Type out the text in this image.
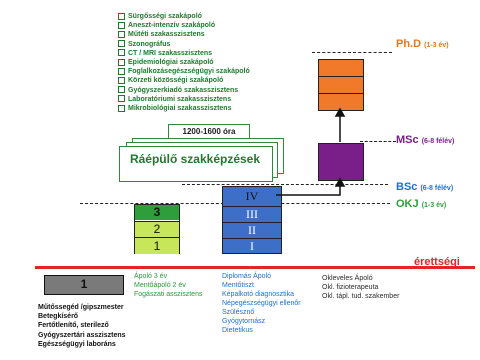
Sürgősségi szakápoló
Aneszt-intenzív szakápoló
Műtéti szakasszisztens
Szonográfus
CT / MRI szakasszisztens
Epidemiológiai szakápoló
Foglalkozásegészségügyi szakápoló
Körzeti közösségi szakápoló
Gyógyszerkiadó szakasszisztens
Laboratóriumi szakasszisztens
Mikrobiológiai szakasszisztens
1200-1600 óra
Ráépülő szakképzések
IV
III
II
I
3
2
1
Ph.D (1-3 év)
MSc (6-8 félév)
BSc (6-8 félév)
OKJ (1-3 év)
érettségi
Ápoló 3 év
Mentőápoló 2 év
Fogászati asszisztens
Diplomás Ápoló
Mentőtiszt
Képalkotó diagnosztika
Népegészségügyi ellenőr
Szülésznő
Gyógytornász
Dietetikus
Okleveles Ápoló
Okl. fizioterapeuta
Okl. tápl. tud. szakember
1
Műtőssegéd /gipszmester
Betegkísérő
Fertőtlenítő, sterilező
Gyógyszertári asszisztens
Egészségügyi laboráns
